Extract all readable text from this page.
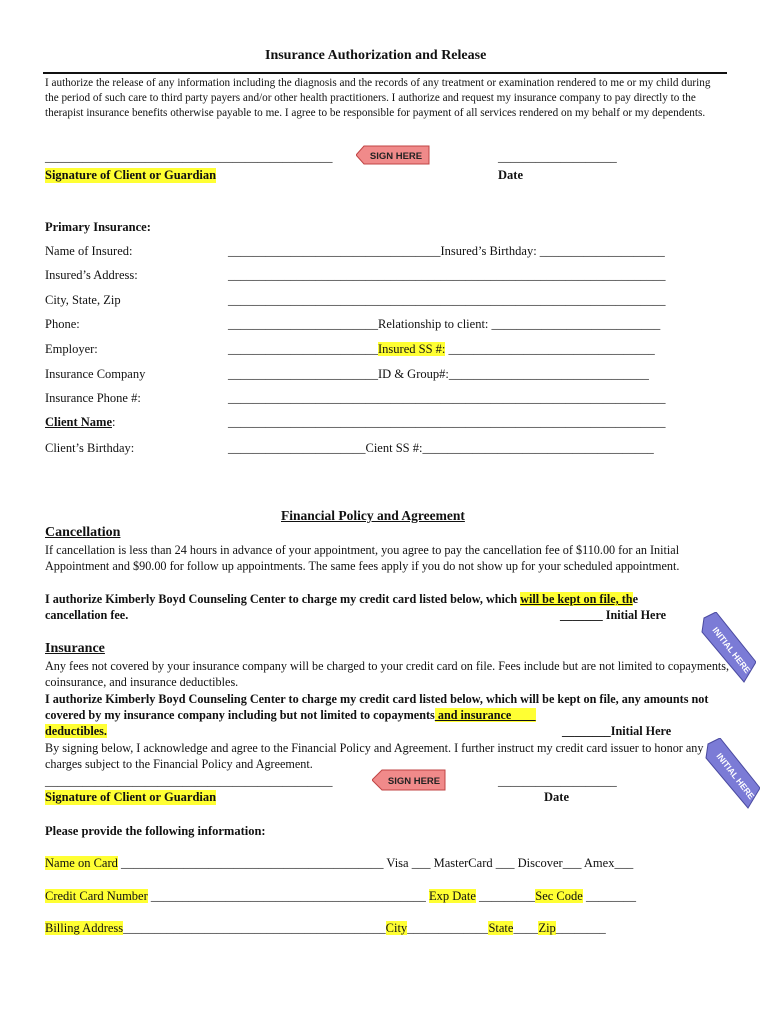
Insurance Authorization and Release
I authorize the release of any information including the diagnosis and the records of any treatment or examination rendered to me or my child during the period of such care to third party payers and/or other health practitioners. I authorize and request my insurance company to pay directly to the therapist insurance benefits otherwise payable to me. I agree to be responsible for payment of all services rendered on my behalf or my dependents.
______________________________________________	SIGN HERE	___________________
Signature of Client or Guardian	Date
Primary Insurance:
Name of Insured:	__________________________________Insured’s Birthday: ____________________
Insured’s Address:	______________________________________________________________________
City, State, Zip	______________________________________________________________________
Phone:	________________________Relationship to client: ___________________________
Employer:	________________________Insured SS #: _________________________________
Insurance Company	________________________ID & Group#:________________________________
Insurance Phone #:	______________________________________________________________________
Client Name:	______________________________________________________________________
Client’s Birthday:	______________________Cient SS #:_____________________________________
Financial Policy and Agreement
Cancellation
If cancellation is less than 24 hours in advance of your appointment, you agree to pay the cancellation fee of $110.00 for an Initial Appointment and $90.00 for follow up appointments. The same fees apply if you do not show up for your scheduled appointment.
I authorize Kimberly Boyd Counseling Center to charge my credit card listed below, which will be kept on file, the
cancellation fee.	_______ Initial Here
INITIAL HERE
Insurance
Any fees not covered by your insurance company will be charged to your credit card on file. Fees include but are not limited to copayments, coinsurance, and insurance deductibles.
I authorize Kimberly Boyd Counseling Center to charge my credit card listed below, which will be kept on file, any amounts not covered by my insurance company including but not limited to copayments and insurance
deductibles.	________Initial Here
INITIAL HERE
By signing below, I acknowledge and agree to the Financial Policy and Agreement. I further instruct my credit card issuer to honor any charges subject to the Financial Policy and Agreement.
______________________________________________	SIGN HERE	___________________
Signature of Client or Guardian	Date
Please provide the following information:
Name on Card __________________________________________ Visa ___ MasterCard ___ Discover___ Amex___
Credit Card Number ____________________________________________ Exp Date _________Sec Code ________
Billing Address__________________________________________City_____________State____Zip________
